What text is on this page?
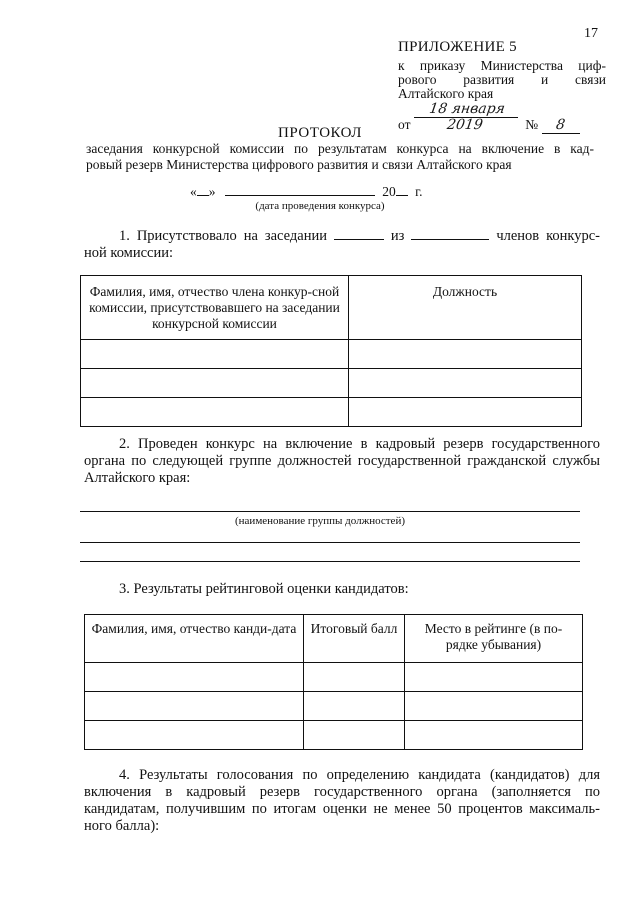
17
ПРИЛОЖЕНИЕ 5
к приказу Министерства циф-
рового развития и связи
Алтайского края
от 18 января 2019	№ 8
ПРОТОКОЛ
заседания конкурсной комиссии по результатам конкурса на включение в кад-
ровый резерв Министерства цифрового развития и связи Алтайского края
« »	20 г.
(дата проведения конкурса)
1. Присутствовало на заседании	из	членов конкурс-
ной комиссии:
Фамилия, имя, отчество члена конкур-сной комиссии, присутствовавшего на заседании конкурсной комиссии	Должность

2. Проведен конкурс на включение в кадровый резерв государственного
органа по следующей группе должностей государственной гражданской службы
Алтайского края:
(наименование группы должностей)
3. Результаты рейтинговой оценки кандидатов:
Фамилия, имя, отчество канди-дата	Итоговый балл	Место в рейтинге (в по-рядке убывания)

4. Результаты голосования по определению кандидата (кандидатов) для
включения в кадровый резерв государственного органа (заполняется по
кандидатам, получившим по итогам оценки не менее 50 процентов максималь-
ного балла):
